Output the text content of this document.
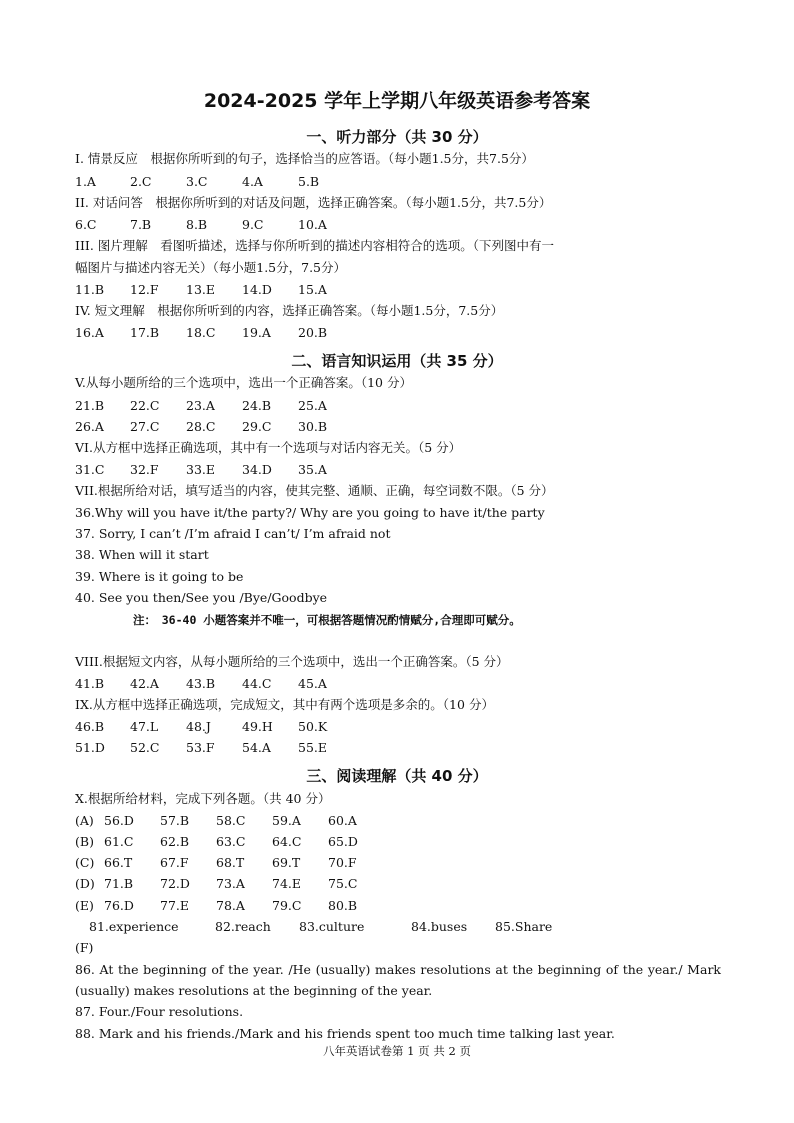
2024-2025 学年上学期八年级英语参考答案
一、听力部分（共 30 分）
I. 情景反应　根据你所听到的句子，选择恰当的应答语。（每小题1.5分，共7.5分）
1.A	2.C	3.C	4.A	5.B
II. 对话问答　根据你所听到的对话及问题，选择正确答案。（每小题1.5分，共7.5分）
6.C	7.B	8.B	9.C	10.A
III. 图片理解　看图听描述，选择与你所听到的描述内容相符合的选项。（下列图中有一
幅图片与描述内容无关）（每小题1.5分，7.5分）
11.B 12.F 13.E 14.D 15.A
IV. 短文理解　根据你所听到的内容，选择正确答案。（每小题1.5分，7.5分）
16.A 17.B 18.C 19.A 20.B
二、语言知识运用（共 35 分）
V.从每小题所给的三个选项中，选出一个正确答案。（10 分）
21.B 22.C 23.A 24.B 25.A
26.A 27.C 28.C 29.C 30.B
VI.从方框中选择正确选项，其中有一个选项与对话内容无关。（5 分）
31.C 32.F 33.E 34.D 35.A
VII.根据所给对话，填写适当的内容，使其完整、通顺、正确，每空词数不限。（5 分）
36.Why will you have it/the party?/ Why are you going to have it/the party
37. Sorry, I can’t /I’m afraid I can’t/ I’m afraid not
38. When will it start
39. Where is it going to be
40. See you then/See you /Bye/Goodbye
注：　36-40 小题答案并不唯一，可根据答题情况酌情赋分,合理即可赋分。
VIII.根据短文内容，从每小题所给的三个选项中，选出一个正确答案。（5 分）
41.B 42.A 43.B 44.C 45.A
IX.从方框中选择正确选项，完成短文，其中有两个选项是多余的。（10 分）
46.B 47.L 48.J 49.H 50.K
51.D 52.C 53.F 54.A 55.E
三、阅读理解（共 40 分）
X.根据所给材料，完成下列各题。（共 40 分）
(A) 56.D 57.B 58.C 59.A 60.A
(B) 61.C 62.B 63.C 64.C 65.D
(C) 66.T 67.F 68.T 69.T 70.F
(D) 71.B 72.D 73.A 74.E 75.C
(E) 76.D 77.E 78.A 79.C 80.B
81.experience	82.reach 83.culture	84.buses 85.Share
(F)
86. At the beginning of the year. /He (usually) makes resolutions at the beginning of the year./ Mark (usually) makes resolutions at the beginning of the year.
87. Four./Four resolutions.
88. Mark and his friends./Mark and his friends spent too much time talking last year.
八年英语试卷第 1 页 共 2 页
